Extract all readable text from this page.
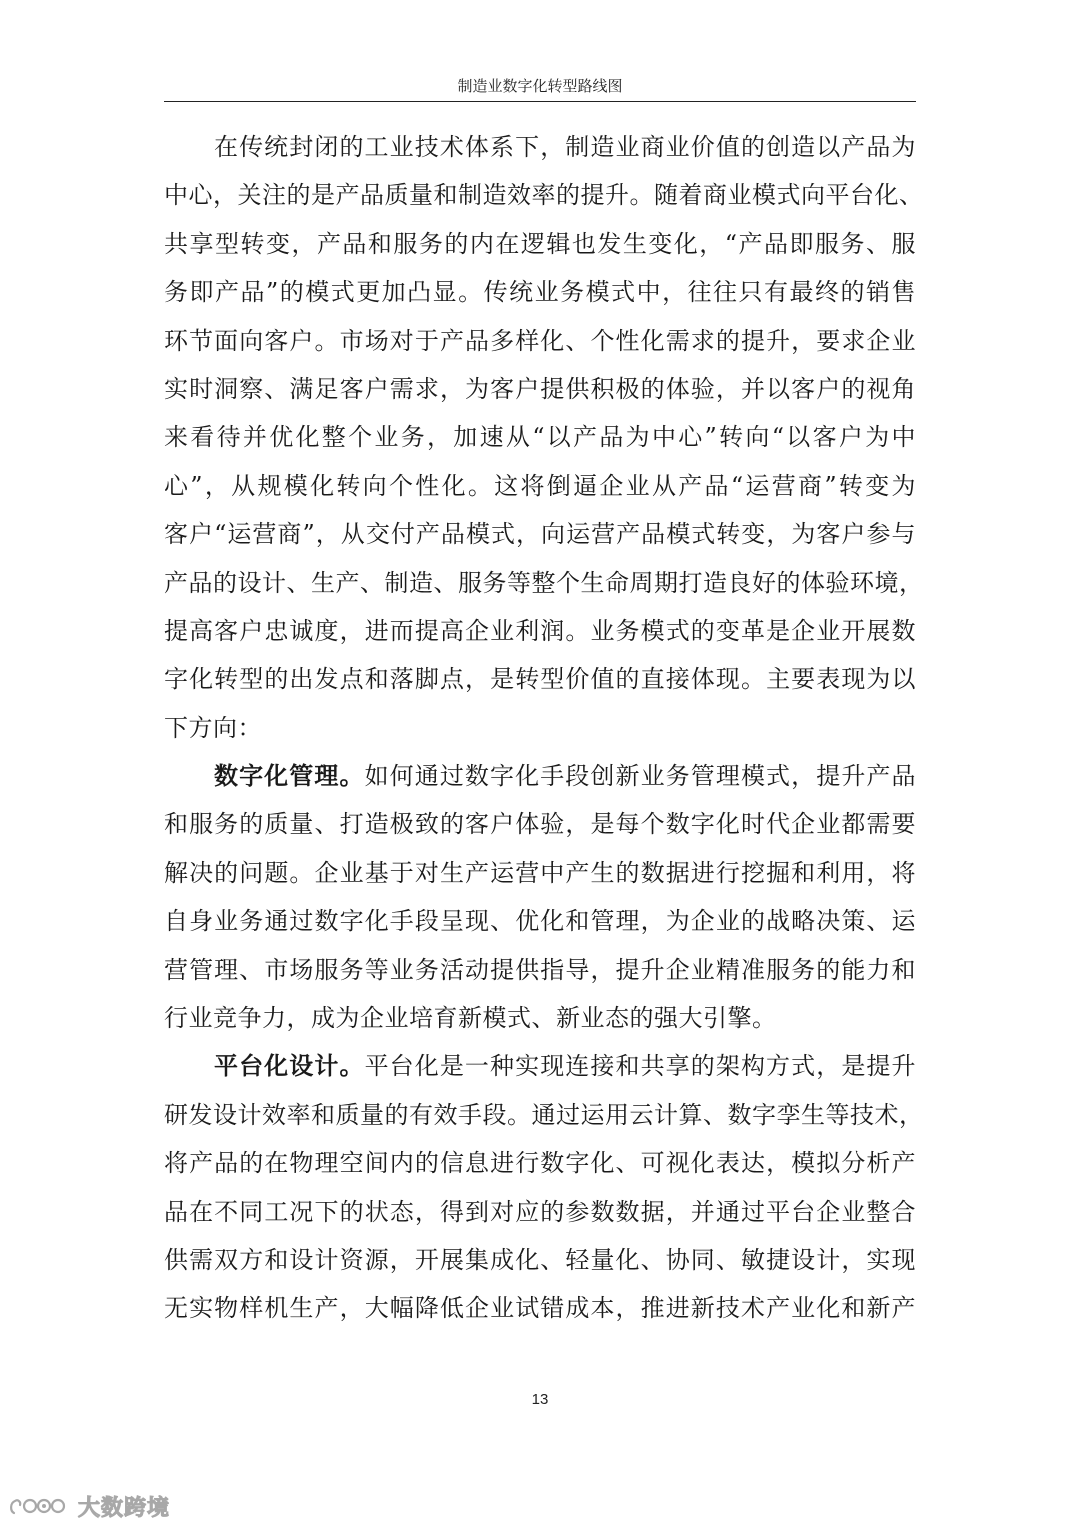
制造业数字化转型路线图
在传统封闭的工业技术体系下，制造业商业价值的创造以产品为
中心，关注的是产品质量和制造效率的提升。随着商业模式向平台化、
共享型转变，产品和服务的内在逻辑也发生变化，“产品即服务、服
务即产品”的模式更加凸显。传统业务模式中，往往只有最终的销售
环节面向客户。市场对于产品多样化、个性化需求的提升，要求企业
实时洞察、满足客户需求，为客户提供积极的体验，并以客户的视角
来看待并优化整个业务，加速从“以产品为中心”转向“以客户为中
心”，从规模化转向个性化。这将倒逼企业从产品“运营商”转变为
客户“运营商”，从交付产品模式，向运营产品模式转变，为客户参与
产品的设计、生产、制造、服务等整个生命周期打造良好的体验环境，
提高客户忠诚度，进而提高企业利润。业务模式的变革是企业开展数
字化转型的出发点和落脚点，是转型价值的直接体现。主要表现为以
下方向：
数字化管理。如何通过数字化手段创新业务管理模式，提升产品
和服务的质量、打造极致的客户体验，是每个数字化时代企业都需要
解决的问题。企业基于对生产运营中产生的数据进行挖掘和利用，将
自身业务通过数字化手段呈现、优化和管理，为企业的战略决策、运
营管理、市场服务等业务活动提供指导，提升企业精准服务的能力和
行业竞争力，成为企业培育新模式、新业态的强大引擎。
平台化设计。平台化是一种实现连接和共享的架构方式，是提升
研发设计效率和质量的有效手段。通过运用云计算、数字孪生等技术，
将产品的在物理空间内的信息进行数字化、可视化表达，模拟分析产
品在不同工况下的状态，得到对应的参数数据，并通过平台企业整合
供需双方和设计资源，开展集成化、轻量化、协同、敏捷设计，实现
无实物样机生产，大幅降低企业试错成本，推进新技术产业化和新产
13
大数跨境
